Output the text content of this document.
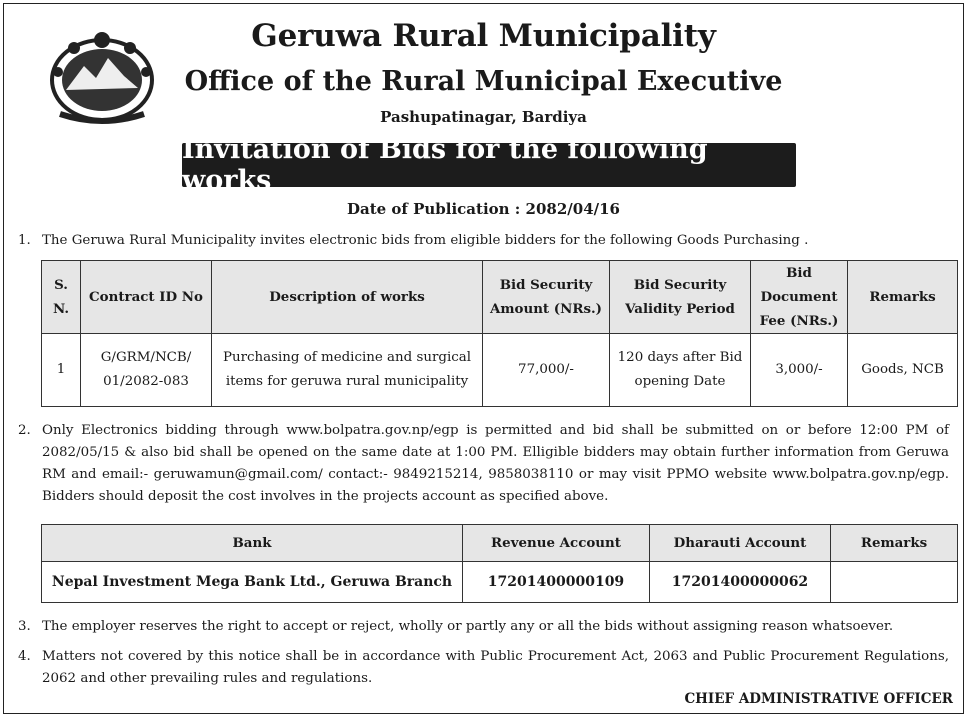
Geruwa Rural Municipality
Office of the Rural Municipal Executive
Pashupatinagar, Bardiya
Invitation of Bids for the following works
Date of Publication : 2082/04/16
1. The Geruwa Rural Municipality invites electronic bids from eligible bidders for the following Goods Purchasing .
S. N.	Contract ID No	Description of works	Bid Security Amount (NRs.)	Bid Security Validity Period	Bid Document Fee (NRs.)	Remarks
1	G/GRM/NCB/ 01/2082-083	Purchasing of medicine and surgical items for geruwa rural municipality	77,000/-	120 days after Bid opening Date	3,000/-	Goods, NCB
2. Only Electronics bidding through www.bolpatra.gov.np/egp is permitted and bid shall be submitted on or before 12:00 PM of 2082/05/15 & also bid shall be opened on the same date at 1:00 PM. Elligible bidders may obtain further information from Geruwa RM and email:- geruwamun@gmail.com/ contact:- 9849215214, 9858038110 or may visit PPMO website www.bolpatra.gov.np/egp. Bidders should deposit the cost involves in the projects account as specified above.
Bank	Revenue Account	Dharauti Account	Remarks
Nepal Investment Mega Bank Ltd., Geruwa Branch	17201400000109	17201400000062	
3. The employer reserves the right to accept or reject, wholly or partly any or all the bids without assigning reason whatsoever.
4. Matters not covered by this notice shall be in accordance with Public Procurement Act, 2063 and Public Procurement Regulations, 2062 and other prevailing rules and regulations.
CHIEF ADMINISTRATIVE OFFICER
